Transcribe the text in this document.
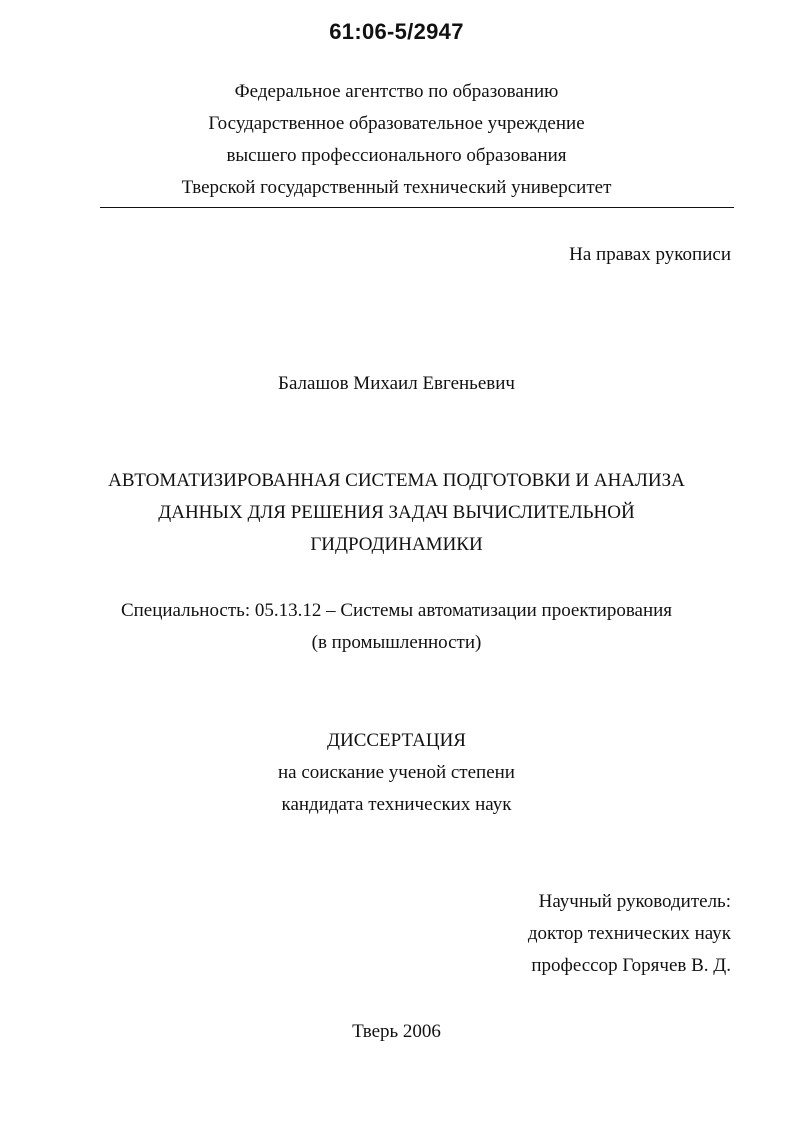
61:06-5/2947
Федеральное агентство по образованию
Государственное образовательное учреждение
высшего профессионального образования
Тверской государственный технический университет
На правах рукописи
Балашов Михаил Евгеньевич
АВТОМАТИЗИРОВАННАЯ СИСТЕМА ПОДГОТОВКИ И АНАЛИЗА
ДАННЫХ ДЛЯ РЕШЕНИЯ ЗАДАЧ ВЫЧИСЛИТЕЛЬНОЙ
ГИДРОДИНАМИКИ
Специальность: 05.13.12 – Системы автоматизации проектирования
(в промышленности)
ДИССЕРТАЦИЯ
на соискание ученой степени
кандидата технических наук
Научный руководитель:
доктор технических наук
профессор Горячев В. Д.
Тверь 2006
